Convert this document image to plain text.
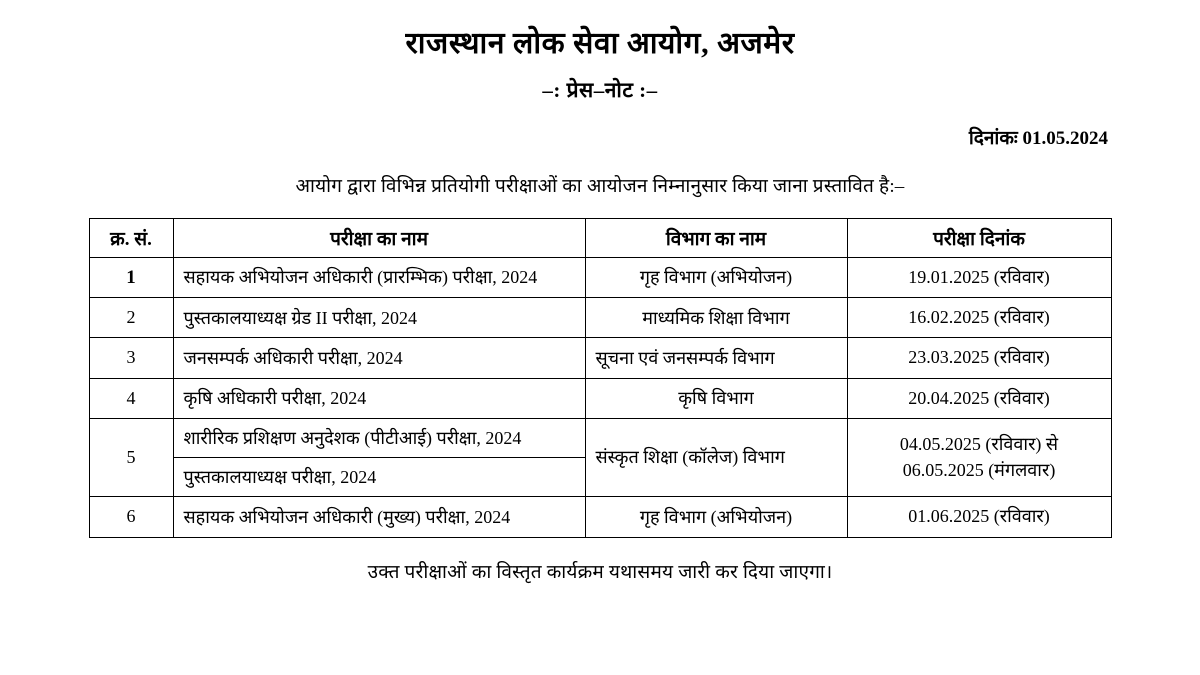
राजस्थान लोक सेवा आयोग, अजमेर
–: प्रेस–नोट :–
दिनांकः 01.05.2024
आयोग द्वारा विभिन्न प्रतियोगी परीक्षाओं का आयोजन निम्नानुसार किया जाना प्रस्तावित है:–
क्र. सं.	परीक्षा का नाम	विभाग का नाम	परीक्षा दिनांक
1	सहायक अभियोजन अधिकारी (प्रारम्भिक) परीक्षा, 2024	गृह विभाग (अभियोजन)	19.01.2025 (रविवार)
2	पुस्तकालयाध्यक्ष ग्रेड II परीक्षा, 2024	माध्यमिक शिक्षा विभाग	16.02.2025 (रविवार)
3	जनसम्पर्क अधिकारी परीक्षा, 2024	सूचना एवं जनसम्पर्क विभाग	23.03.2025 (रविवार)
4	कृषि अधिकारी परीक्षा, 2024	कृषि विभाग	20.04.2025 (रविवार)
5	शारीरिक प्रशिक्षण अनुदेशक (पीटीआई) परीक्षा, 2024	संस्कृत शिक्षा (कॉलेज) विभाग	04.05.2025 (रविवार) से
06.05.2025 (मंगलवार)

	पुस्तकालयाध्यक्ष परीक्षा, 2024		
6	सहायक अभियोजन अधिकारी (मुख्य) परीक्षा, 2024	गृह विभाग (अभियोजन)	01.06.2025 (रविवार)
उक्त परीक्षाओं का विस्तृत कार्यक्रम यथासमय जारी कर दिया जाएगा।
